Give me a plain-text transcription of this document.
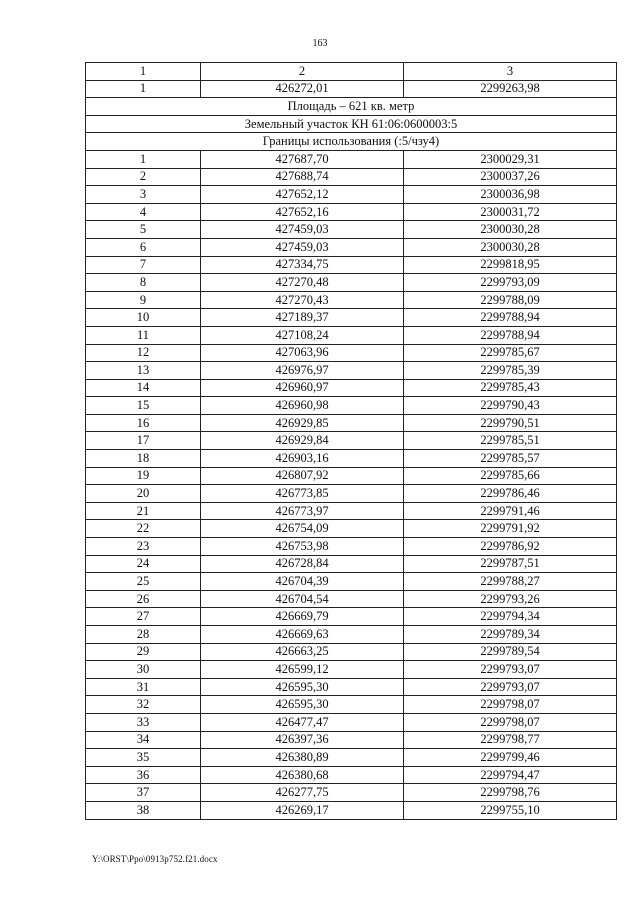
163
1	2	3
1	426272,01	2299263,98
Площадь – 621 кв. метр		
Земельный участок КН 61:06:0600003:5		
Границы использования (:5/чзу4)		
1	427687,70	2300029,31
2	427688,74	2300037,26
3	427652,12	2300036,98
4	427652,16	2300031,72
5	427459,03	2300030,28
6	427459,03	2300030,28
7	427334,75	2299818,95
8	427270,48	2299793,09
9	427270,43	2299788,09
10	427189,37	2299788,94
11	427108,24	2299788,94
12	427063,96	2299785,67
13	426976,97	2299785,39
14	426960,97	2299785,43
15	426960,98	2299790,43
16	426929,85	2299790,51
17	426929,84	2299785,51
18	426903,16	2299785,57
19	426807,92	2299785,66
20	426773,85	2299786,46
21	426773,97	2299791,46
22	426754,09	2299791,92
23	426753,98	2299786,92
24	426728,84	2299787,51
25	426704,39	2299788,27
26	426704,54	2299793,26
27	426669,79	2299794,34
28	426669,63	2299789,34
29	426663,25	2299789,54
30	426599,12	2299793,07
31	426595,30	2299793,07
32	426595,30	2299798,07
33	426477,47	2299798,07
34	426397,36	2299798,77
35	426380,89	2299799,46
36	426380,68	2299794,47
37	426277,75	2299798,76
38	426269,17	2299755,10
Y:\ORST\Ppo\0913p752.f21.docx
